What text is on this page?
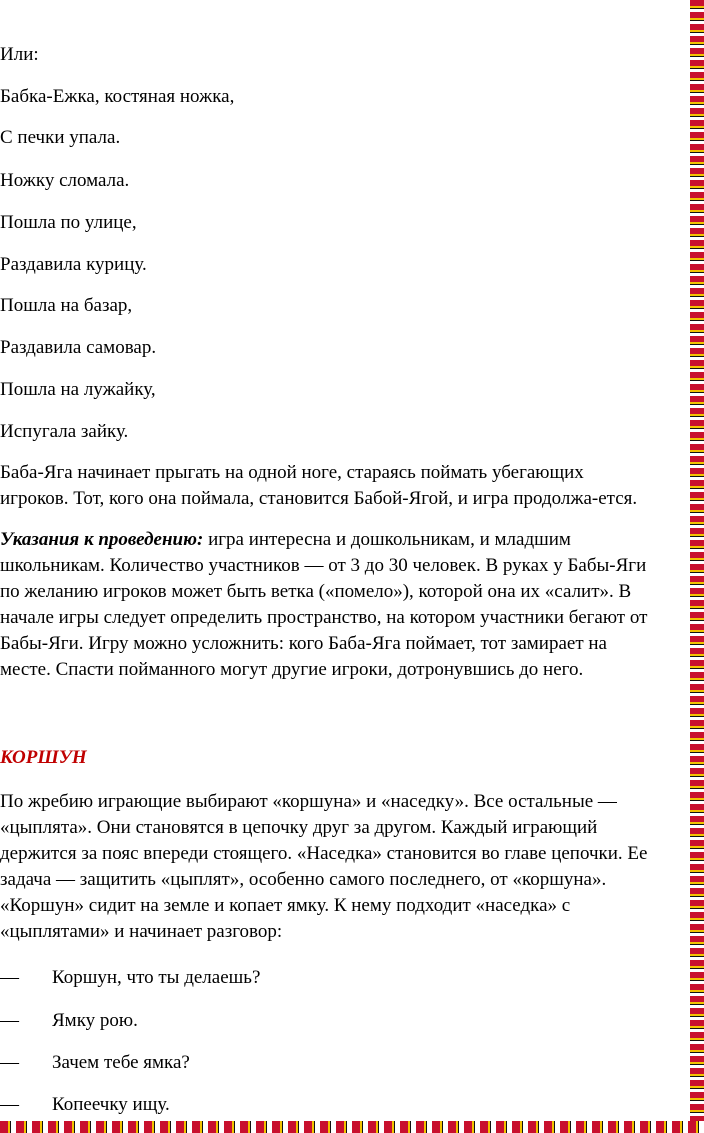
Или:
Бабка-Ежка, костяная ножка,
С печки упала.
Ножку сломала.
Пошла по улице,
Раздавила курицу.
Пошла на базар,
Раздавила самовар.
Пошла на лужайку,
Испугала зайку.
Баба-Яга начинает прыгать на одной ноге, стараясь поймать убегающих
игроков. Тот, кого она поймала, становится Бабой-Ягой, и игра продолжа-ется.
Указания к проведению: игра интересна и дошкольникам, и младшим
школьникам. Количество участников — от 3 до 30 человек. В руках у Бабы-Яги
по желанию игроков может быть ветка («помело»), которой она их «салит». В
начале игры следует определить пространство, на котором участники бегают от
Бабы-Яги. Игру можно усложнить: кого Баба-Яга поймает, тот замирает на
месте. Спасти пойманного могут другие игроки, дотронувшись до него.
КОРШУН
По жребию играющие выбирают «коршуна» и «наседку». Все остальные —
«цыплята». Они становятся в цепочку друг за другом. Каждый играющий
держится за пояс впереди стоящего. «Наседка» становится во главе цепочки. Ее
задача — защитить «цыплят», особенно самого последнего, от «коршуна».
«Коршун» сидит на земле и копает ямку. К нему подходит «наседка» с
«цыплятами» и начинает разговор:
— Коршун, что ты делаешь?
— Ямку рою.
— Зачем тебе ямка?
— Копеечку ищу.
